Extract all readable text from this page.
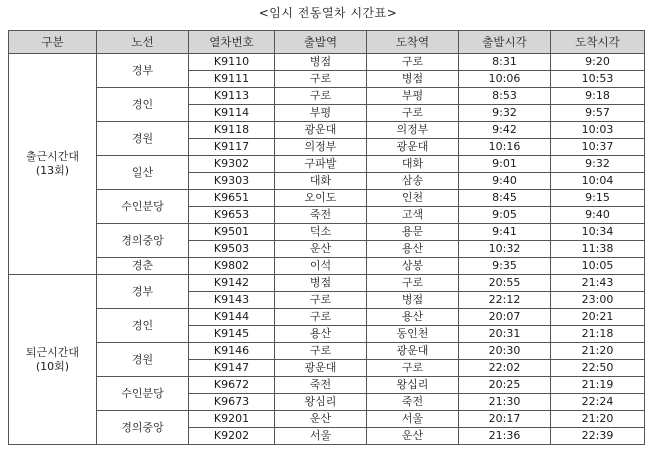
<임시 전동열차 시간표>
구분	노선	열차번호	출발역	도착역	출발시각	도착시각

출근시간대
(13회)	경부	K9110	병점	구로	8:31	9:20
		K9111	구로	병점	10:06	10:53
	경인	K9113	구로	부평	8:53	9:18
		K9114	부평	구로	9:32	9:57
	경원	K9118	광운대	의정부	9:42	10:03
		K9117	의정부	광운대	10:16	10:37
	일산	K9302	구파발	대화	9:01	9:32
		K9303	대화	삼송	9:40	10:04
	수인분당	K9651	오이도	인천	8:45	9:15
		K9653	죽전	고색	9:05	9:40
	경의중앙	K9501	덕소	용문	9:41	10:34
		K9503	운산	용산	10:32	11:38
	경춘	K9802	이석	상봉	9:35	10:05

퇴근시간대
(10회)	경부	K9142	병점	구로	20:55	21:43
		K9143	구로	병점	22:12	23:00
	경인	K9144	구로	용산	20:07	20:21
		K9145	용산	동인천	20:31	21:18
	경원	K9146	구로	광운대	20:30	21:20
		K9147	광운대	구로	22:02	22:50
	수인분당	K9672	죽전	왕십리	20:25	21:19
		K9673	왕심리	죽전	21:30	22:24
	경의중앙	K9201	운산	서울	20:17	21:20
		K9202	서울	운산	21:36	22:39
